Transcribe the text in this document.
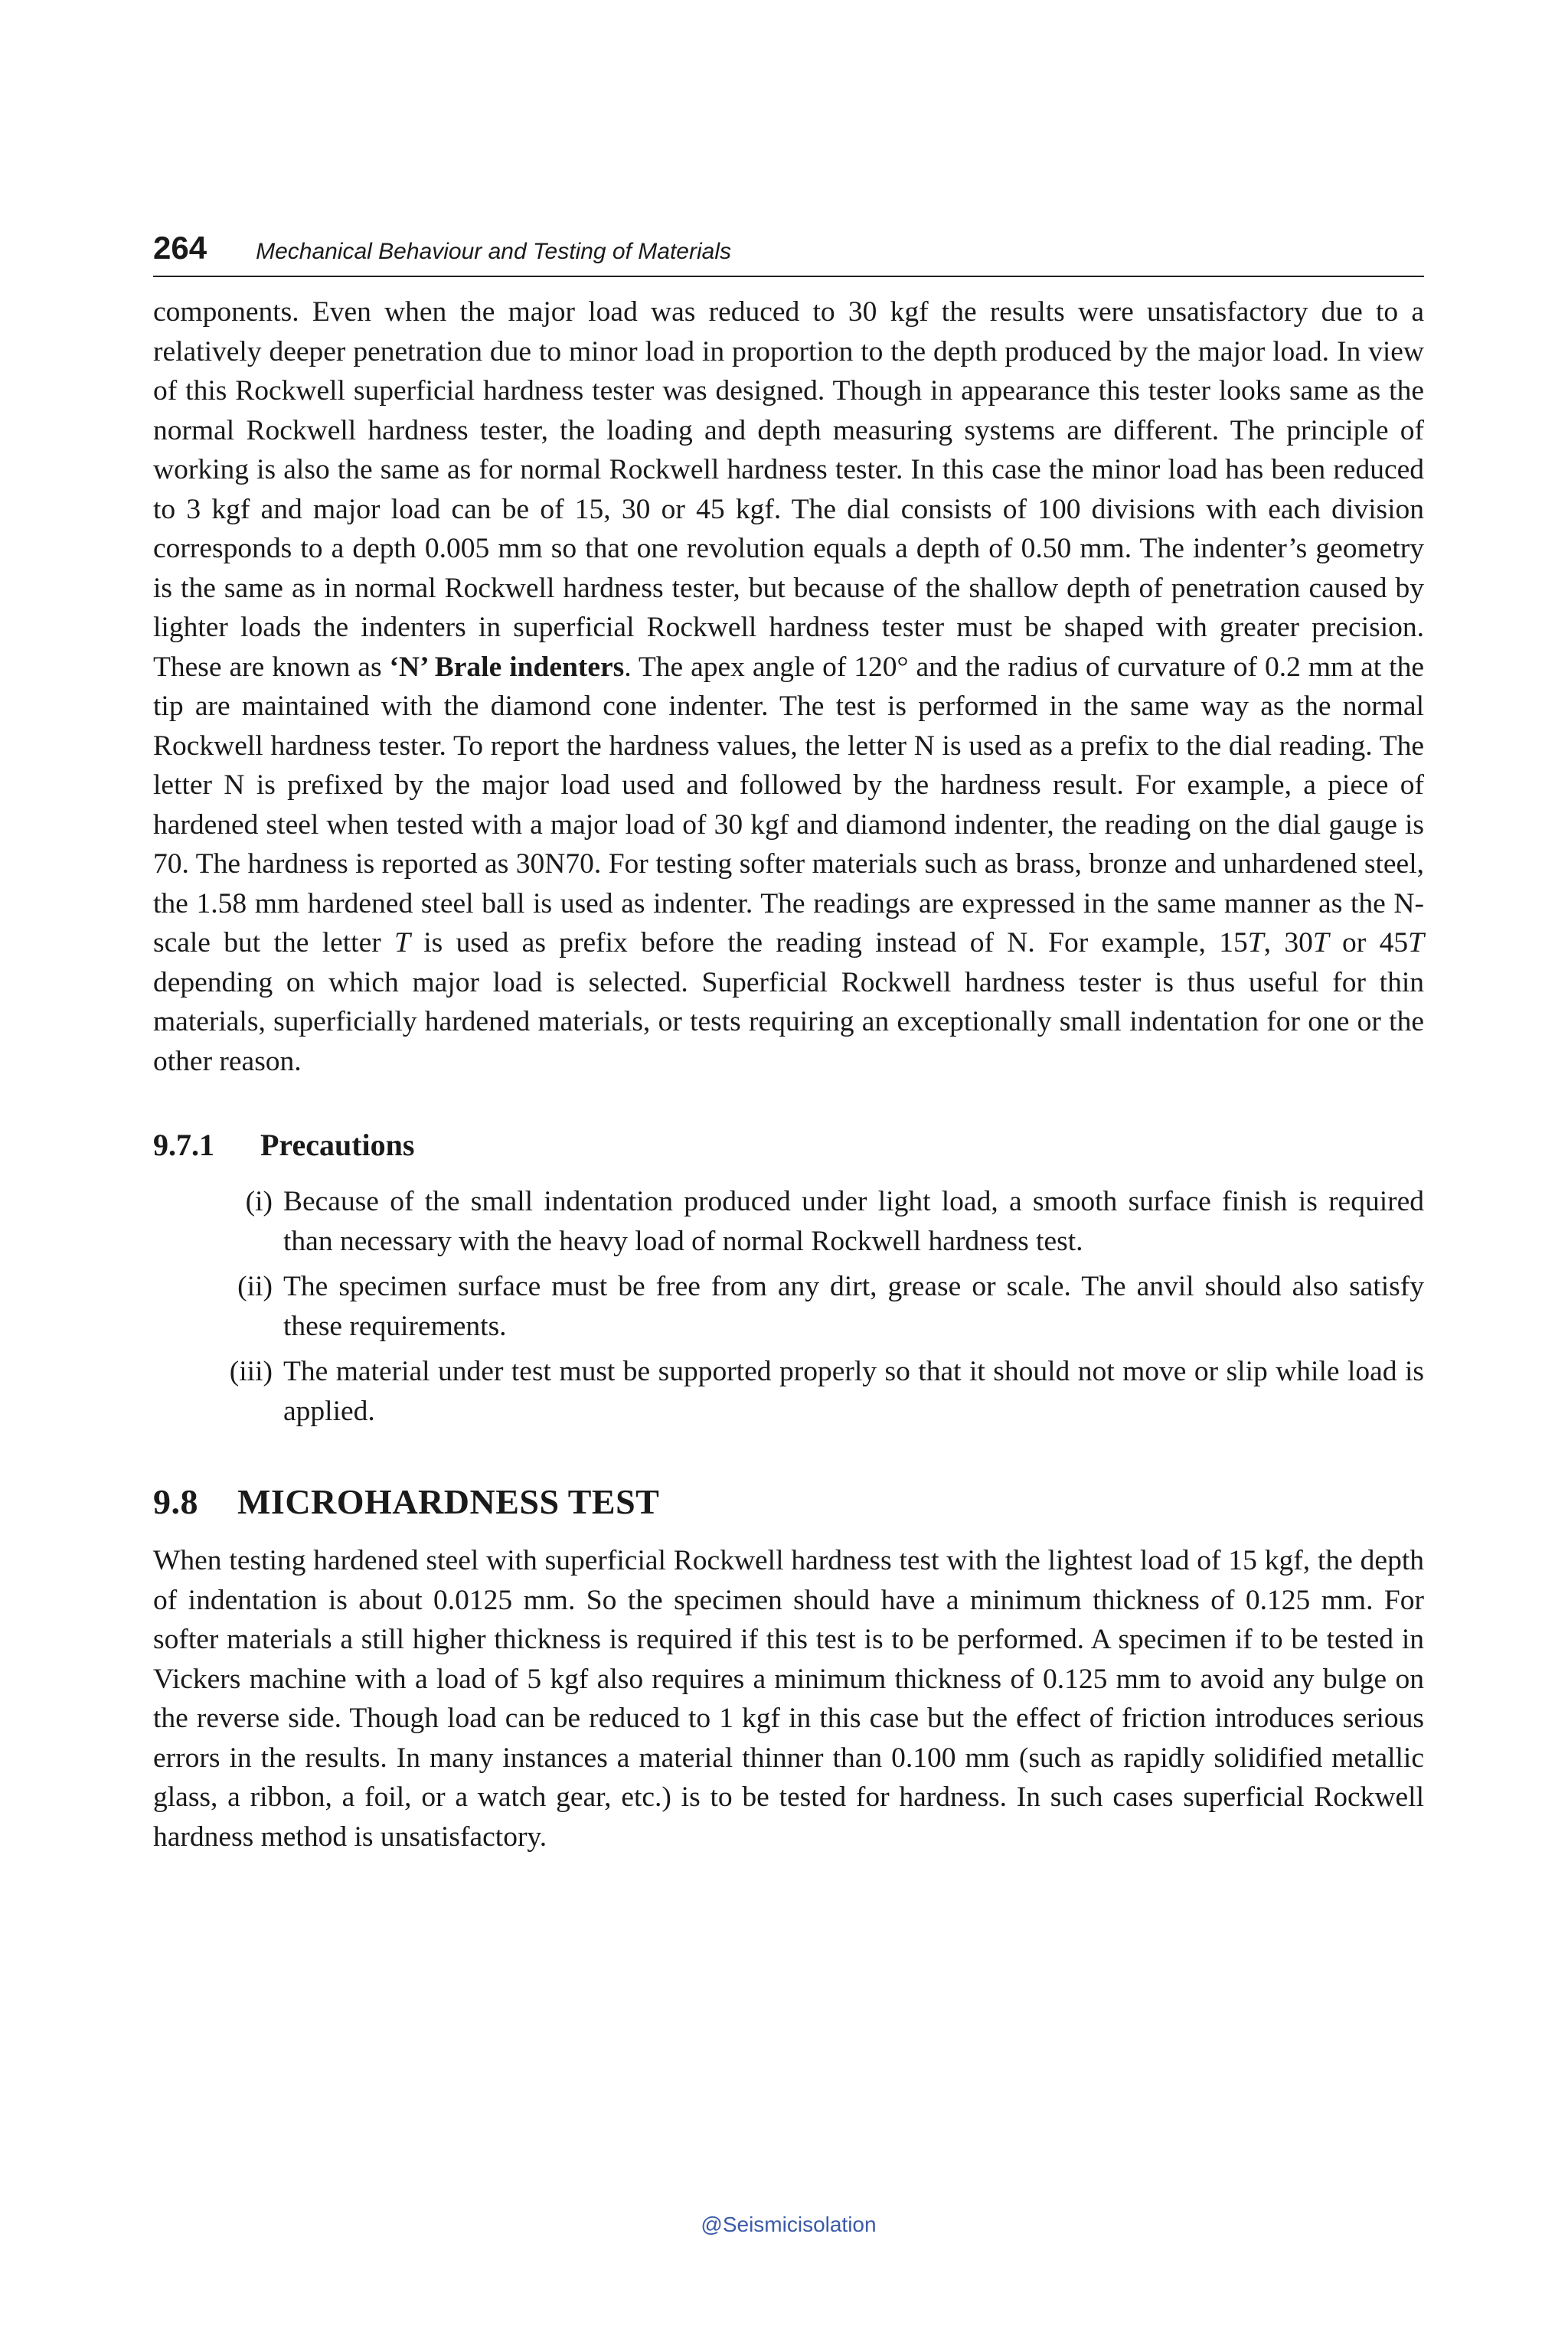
264 Mechanical Behaviour and Testing of Materials

components. Even when the major load was reduced to 30 kgf the results were unsatisfactory due to a relatively deeper penetration due to minor load in proportion to the depth produced by the major load. In view of this Rockwell superficial hardness tester was designed. Though in appearance this tester looks same as the normal Rockwell hardness tester, the loading and depth measuring systems are different. The principle of working is also the same as for normal Rockwell hardness tester. In this case the minor load has been reduced to 3 kgf and major load can be of 15, 30 or 45 kgf. The dial consists of 100 divisions with each division corresponds to a depth 0.005 mm so that one revolution equals a depth of 0.50 mm. The indenter’s geometry is the same as in normal Rockwell hardness tester, but because of the shallow depth of penetration caused by lighter loads the indenters in superficial Rockwell hardness tester must be shaped with greater precision. These are known as ‘N’ Brale indenters. The apex angle of 120° and the radius of curvature of 0.2 mm at the tip are maintained with the diamond cone indenter. The test is performed in the same way as the normal Rockwell hardness tester. To report the hardness values, the letter N is used as a prefix to the dial reading. The letter N is prefixed by the major load used and followed by the hardness result. For example, a piece of hardened steel when tested with a major load of 30 kgf and diamond indenter, the reading on the dial gauge is 70. The hardness is reported as 30N70. For testing softer materials such as brass, bronze and unhardened steel, the 1.58 mm hardened steel ball is used as indenter. The readings are expressed in the same manner as the N-scale but the letter T is used as prefix before the reading instead of N. For example, 15T, 30T or 45T depending on which major load is selected. Superficial Rockwell hardness tester is thus useful for thin materials, superficially hardened materials, or tests requiring an exceptionally small indentation for one or the other reason.

9.7.1 Precautions
(i) Because of the small indentation produced under light load, a smooth surface finish is required than necessary with the heavy load of normal Rockwell hardness test.
(ii) The specimen surface must be free from any dirt, grease or scale. The anvil should also satisfy these requirements.
(iii) The material under test must be supported properly so that it should not move or slip while load is applied.
9.8 MICROHARDNESS TEST

When testing hardened steel with superficial Rockwell hardness test with the lightest load of 15 kgf, the depth of indentation is about 0.0125 mm. So the specimen should have a minimum thickness of 0.125 mm. For softer materials a still higher thickness is required if this test is to be performed. A specimen if to be tested in Vickers machine with a load of 5 kgf also requires a minimum thickness of 0.125 mm to avoid any bulge on the reverse side. Though load can be reduced to 1 kgf in this case but the effect of friction introduces serious errors in the results. In many instances a material thinner than 0.100 mm (such as rapidly solidified metallic glass, a ribbon, a foil, or a watch gear, etc.) is to be tested for hardness. In such cases superficial Rockwell hardness method is unsatisfactory.

@Seismicisolation
